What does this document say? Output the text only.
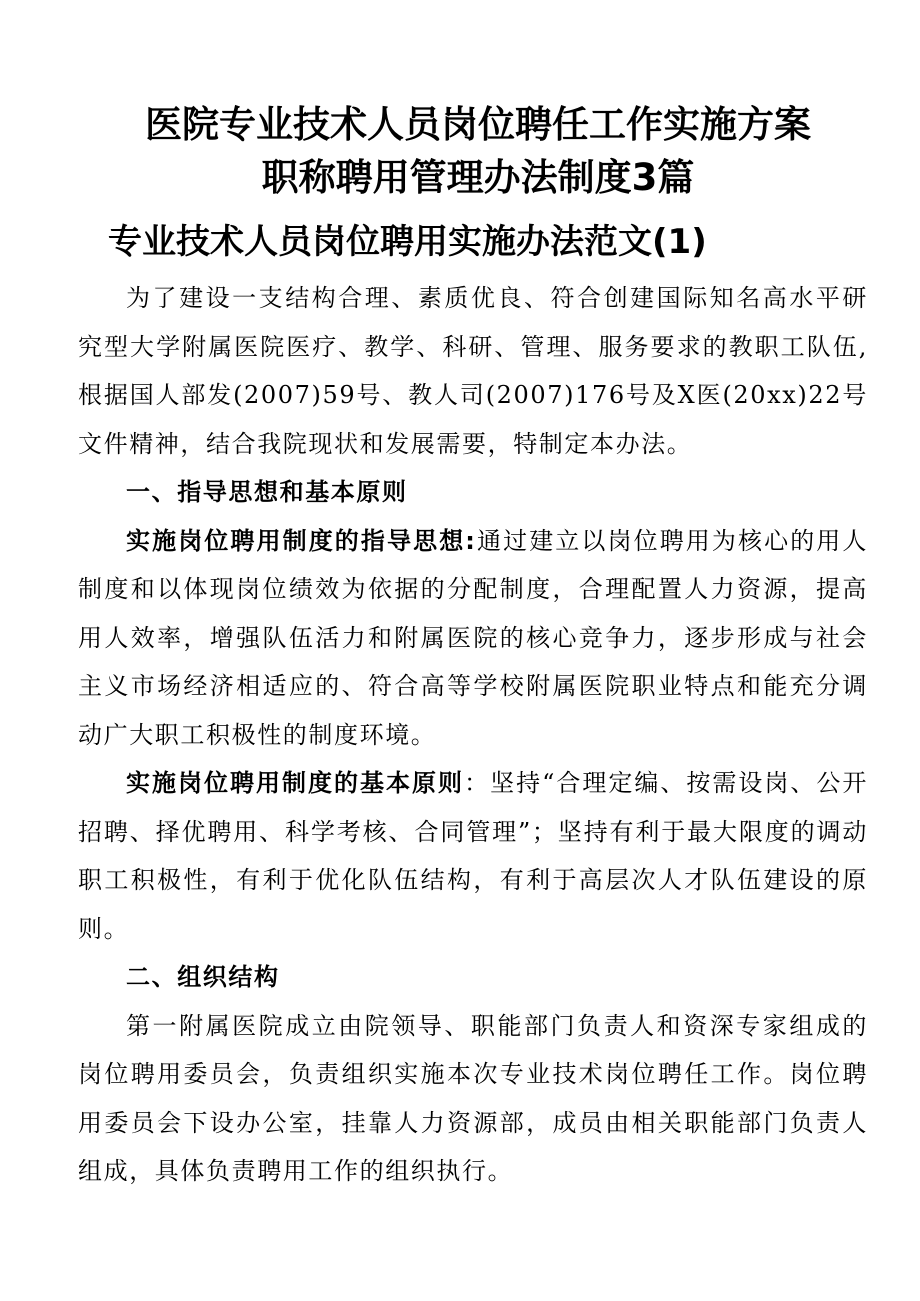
医院专业技术人员岗位聘任工作实施方案
职称聘用管理办法制度3篇
专业技术人员岗位聘用实施办法范文(1)

为了建设一支结构合理、素质优良、符合创建国际知名高水平研究型大学附属医院医疗、教学、科研、管理、服务要求的教职工队伍,根据国人部发(2007)59号、教人司(2007)176号及X医(20xx)22号文件精神，结合我院现状和发展需要，特制定本办法。

一、指导思想和基本原则

实施岗位聘用制度的指导思想:通过建立以岗位聘用为核心的用人制度和以体现岗位绩效为依据的分配制度，合理配置人力资源，提高用人效率，增强队伍活力和附属医院的核心竞争力，逐步形成与社会主义市场经济相适应的、符合高等学校附属医院职业特点和能充分调动广大职工积极性的制度环境。

实施岗位聘用制度的基本原则：坚持“合理定编、按需设岗、公开招聘、择优聘用、科学考核、合同管理”；坚持有利于最大限度的调动职工积极性，有利于优化队伍结构，有利于高层次人才队伍建设的原则。

二、组织结构

第一附属医院成立由院领导、职能部门负责人和资深专家组成的岗位聘用委员会，负责组织实施本次专业技术岗位聘任工作。岗位聘用委员会下设办公室，挂靠人力资源部，成员由相关职能部门负责人组成，具体负责聘用工作的组织执行。
